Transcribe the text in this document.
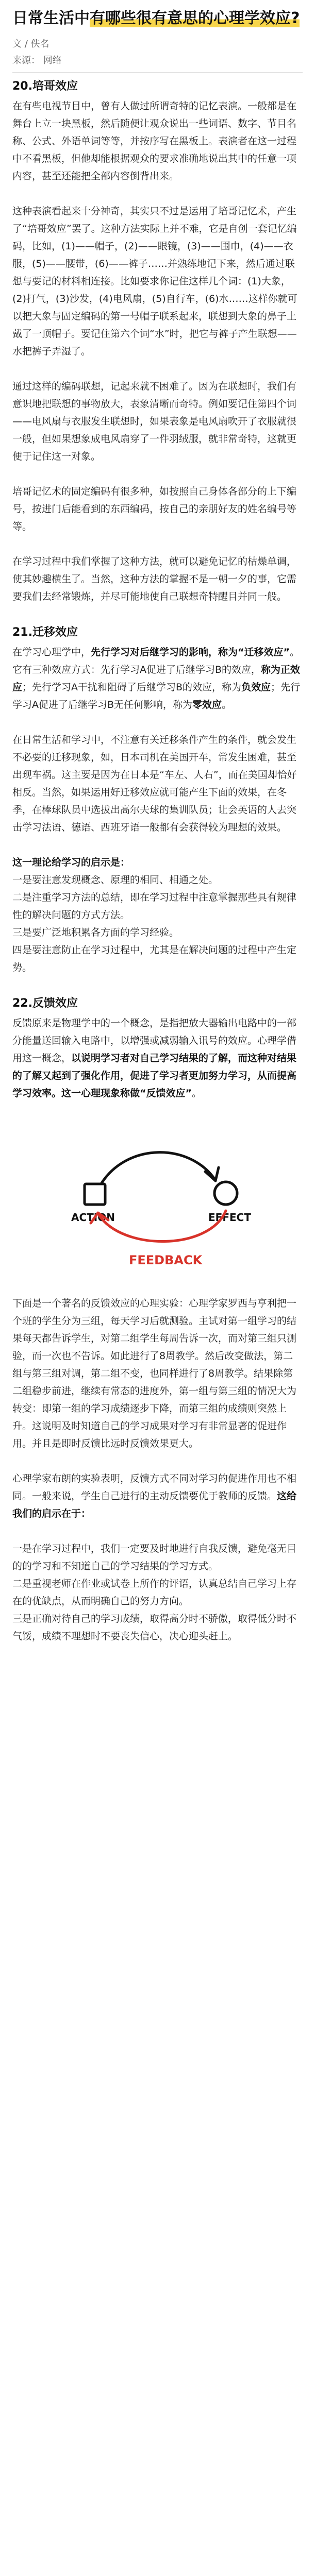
日常生活中有哪些很有意思的心理学效应?
文 / 佚名
来源： 网络
20.培哥效应

在有些电视节目中，曾有人做过所谓奇特的记忆表演。一般都是在舞台上立一块黑板，然后随便让观众说出一些词语、数字、节目名称、公式、外语单词等等，并按序写在黑板上。表演者在这一过程中不看黑板，但他却能根据观众的要求准确地说出其中的任意一项内容，甚至还能把全部内容倒背出来。

这种表演看起来十分神奇，其实只不过是运用了培哥记忆术，产生了“培哥效应”罢了。这种方法实际上并不难，它是自创一套记忆编码，比如，(1)——帽子，(2)——眼镜，(3)——围巾，(4)——衣服，(5)——腰带，(6)——裤子……并熟练地记下来，然后通过联想与要记的材料相连接。比如要求你记住这样几个词：(1)大象，(2)打气，(3)沙发，(4)电风扇，(5)自行车，(6)水……这样你就可以把大象与固定编码的第一号帽子联系起来，联想到大象的鼻子上戴了一顶帽子。要记住第六个词“水”时，把它与裤子产生联想——水把裤子弄湿了。

通过这样的编码联想，记起来就不困难了。因为在联想时，我们有意识地把联想的事物放大，表象清晰而奇特。例如要记住第四个词——电风扇与衣服发生联想时，如果表象是电风扇吹开了衣服就很一般，但如果想象成电风扇穿了一件羽绒服，就非常奇特，这就更便于记住这一对象。

培哥记忆术的固定编码有很多种，如按照自己身体各部分的上下编号，按进门后能看到的东西编码，按自己的亲朋好友的姓名编号等等。

在学习过程中我们掌握了这种方法，就可以避免记忆的枯燥单调，使其妙趣横生了。当然，这种方法的掌握不是一朝一夕的事，它需要我们去经常锻炼，并尽可能地使自己联想奇特醒目并同一般。

21.迁移效应

在学习心理学中，先行学习对后继学习的影响，称为“迁移效应”。它有三种效应方式：先行学习A促进了后继学习B的效应，称为正效应；先行学习A干扰和阻碍了后继学习B的效应，称为负效应；先行学习A促进了后继学习B无任何影响，称为零效应。

在日常生活和学习中，不注意有关迁移条件产生的条件，就会发生不必要的迁移现象，如，日本司机在美国开车，常发生困难，甚至出现车祸。这主要是因为在日本是“车左、人右”，而在美国却恰好相反。当然，如果运用好迁移效应就可能产生下面的效果，在冬季，在棒球队员中选拔出高尔夫球的集训队员；让会英语的人去突击学习法语、德语、西班牙语一般都有会获得较为理想的效果。

这一理论给学习的启示是：

一是要注意发现概念、原理的相同、相通之处。

二是注重学习方法的总结，即在学习过程中注意掌握那些具有规律性的解决问题的方式方法。

三是要广泛地积累各方面的学习经验。

四是要注意防止在学习过程中，尤其是在解决问题的过程中产生定势。

22.反馈效应

反馈原来是物理学中的一个概念，是指把放大器输出电路中的一部分能量送回输入电路中，以增强或减弱输入讯号的效应。心理学借用这一概念，以说明学习者对自己学习结果的了解，而这种对结果的了解又起到了强化作用，促进了学习者更加努力学习，从而提高学习效率。这一心理现象称做“反馈效应”。

ACTION	EFFECT
FEEDBACK

下面是一个著名的反馈效应的心理实验：心理学家罗西与亨利把一个班的学生分为三组，每天学习后就测验。主试对第一组学习的结果每天都告诉学生，对第二组学生每周告诉一次，而对第三组只测验，而一次也不告诉。如此进行了8周教学。然后改变做法，第二组与第三组对调，第二组不变，也同样进行了8周教学。结果除第二组稳步前进，继续有常态的进度外，第一组与第三组的情况大为转变：即第一组的学习成绩逐步下降，而第三组的成绩则突然上升。这说明及时知道自己的学习成果对学习有非常显著的促进作用。并且是即时反馈比远时反馈效果更大。

心理学家布朗的实验表明，反馈方式不同对学习的促进作用也不相同。一般来说，学生自己进行的主动反馈要优于教师的反馈。这给我们的启示在于：

一是在学习过程中，我们一定要及时地进行自我反馈，避免毫无目的的学习和不知道自己的学习结果的学习方式。

二是重视老师在作业或试卷上所作的评语，认真总结自己学习上存在的优缺点，从而明确自己的努力方向。

三是正确对待自己的学习成绩，取得高分时不骄傲，取得低分时不气馁，成绩不理想时不要丧失信心，决心迎头赶上。
